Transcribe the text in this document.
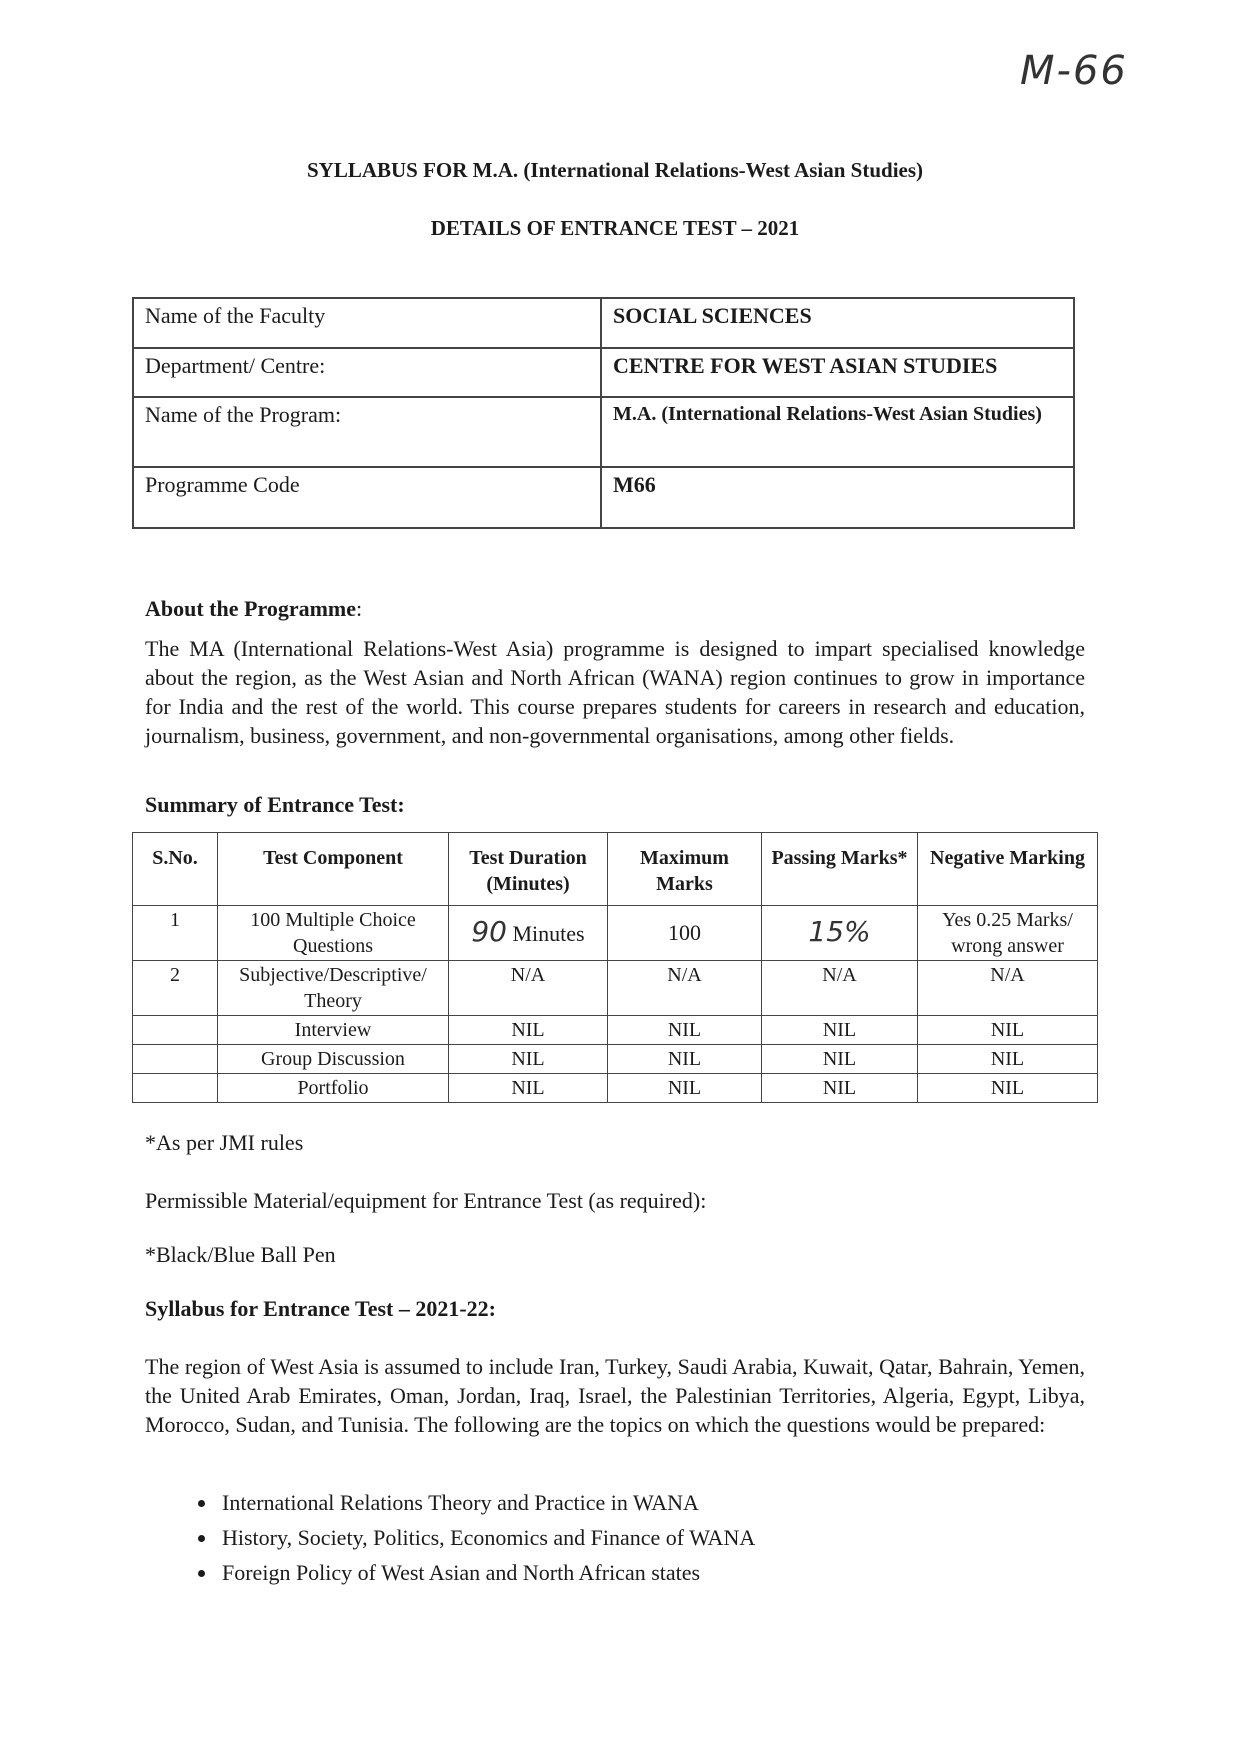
M-66
SYLLABUS FOR M.A. (International Relations-West Asian Studies)
DETAILS OF ENTRANCE TEST – 2021
Name of the Faculty	SOCIAL SCIENCES
Department/ Centre:	CENTRE FOR WEST ASIAN STUDIES
Name of the Program:	M.A. (International Relations-West Asian Studies)
Programme Code	M66
About the Programme:
The MA (International Relations-West Asia) programme is designed to impart specialised knowledge about the region, as the West Asian and North African (WANA) region continues to grow in importance for India and the rest of the world. This course prepares students for careers in research and education, journalism, business, government, and non-governmental organisations, among other fields.
Summary of Entrance Test:
S.No.	Test Component	Test Duration (Minutes)	Maximum Marks	Passing Marks*	Negative Marking
1	100 Multiple Choice Questions	90 Minutes	100	15%	Yes 0.25 Marks/ wrong answer
2	Subjective/Descriptive/ Theory	N/A	N/A	N/A	N/A
	Interview	NIL	NIL	NIL	NIL
	Group Discussion	NIL	NIL	NIL	NIL
	Portfolio	NIL	NIL	NIL	NIL
*As per JMI rules
Permissible Material/equipment for Entrance Test (as required):
*Black/Blue Ball Pen
Syllabus for Entrance Test – 2021-22:
The region of West Asia is assumed to include Iran, Turkey, Saudi Arabia, Kuwait, Qatar, Bahrain, Yemen, the United Arab Emirates, Oman, Jordan, Iraq, Israel, the Palestinian Territories, Algeria, Egypt, Libya, Morocco, Sudan, and Tunisia. The following are the topics on which the questions would be prepared:
• International Relations Theory and Practice in WANA
• History, Society, Politics, Economics and Finance of WANA
• Foreign Policy of West Asian and North African states
